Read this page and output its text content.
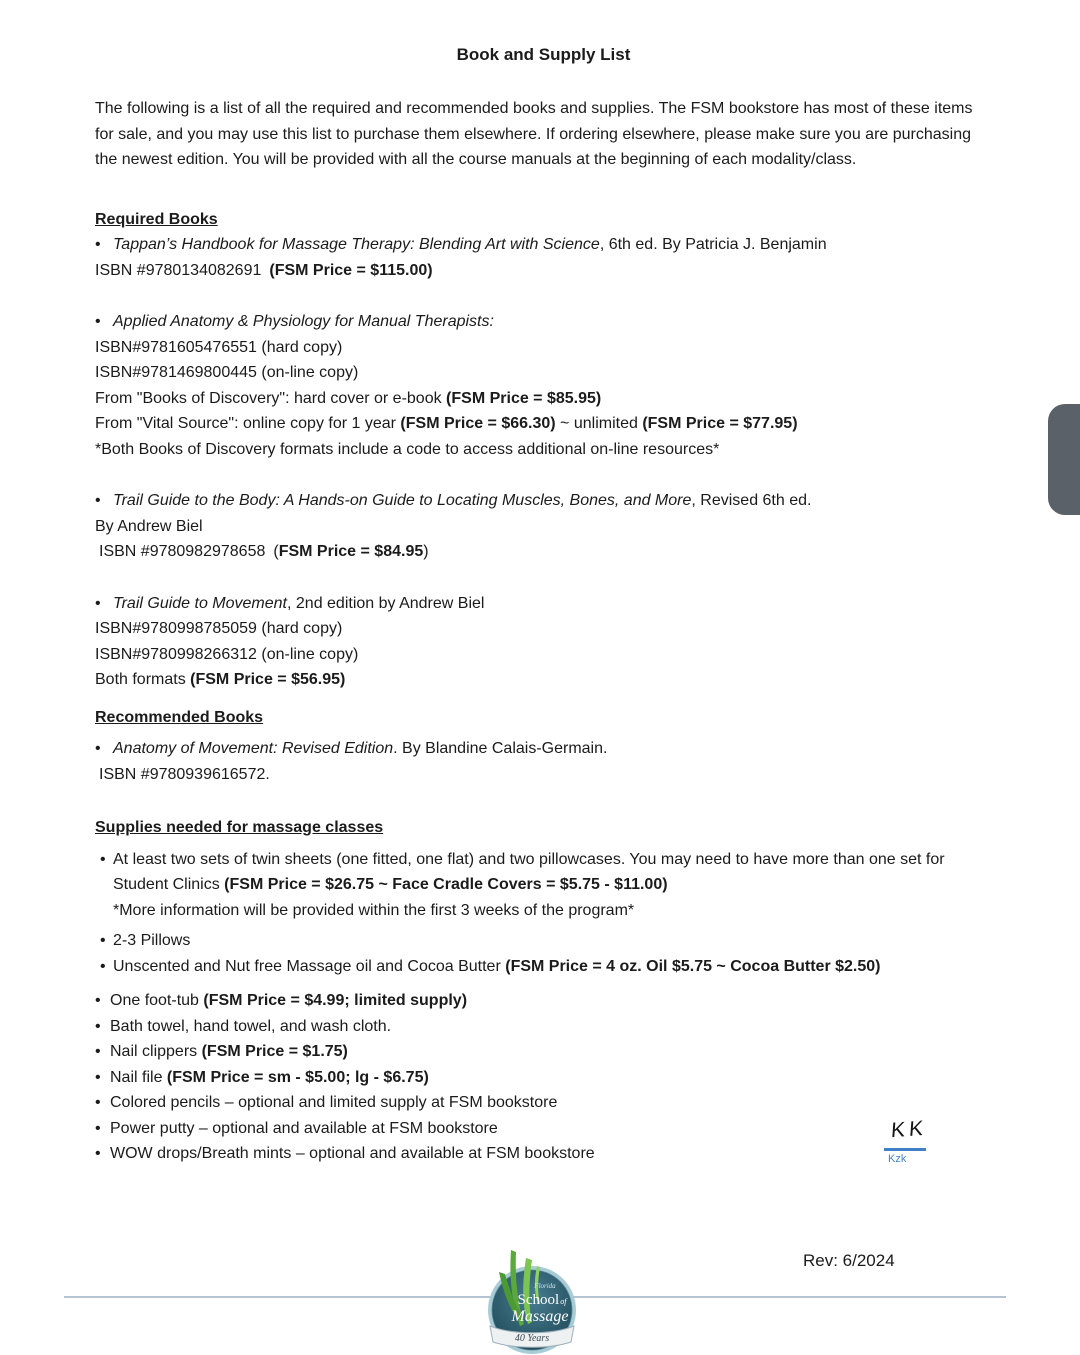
Book and Supply List
The following is a list of all the required and recommended books and supplies. The FSM bookstore has most of these items for sale, and you may use this list to purchase them elsewhere. If ordering elsewhere, please make sure you are purchasing the newest edition. You will be provided with all the course manuals at the beginning of each modality/class.
Required Books
• Tappan’s Handbook for Massage Therapy: Blending Art with Science, 6th ed. By Patricia J. Benjamin
ISBN #9780134082691 (FSM Price = $115.00)
• Applied Anatomy & Physiology for Manual Therapists:
ISBN#9781605476551 (hard copy)
ISBN#9781469800445 (on-line copy)
From "Books of Discovery": hard cover or e-book (FSM Price = $85.95)
From "Vital Source": online copy for 1 year (FSM Price = $66.30) ~ unlimited (FSM Price = $77.95)
*Both Books of Discovery formats include a code to access additional on-line resources*
• Trail Guide to the Body: A Hands-on Guide to Locating Muscles, Bones, and More, Revised 6th ed.
By Andrew Biel
ISBN #9780982978658 (FSM Price = $84.95)
• Trail Guide to Movement, 2nd edition by Andrew Biel
ISBN#9780998785059 (hard copy)
ISBN#9780998266312 (on-line copy)
Both formats (FSM Price = $56.95)
Recommended Books
• Anatomy of Movement: Revised Edition. By Blandine Calais-Germain.
ISBN #9780939616572.
Supplies needed for massage classes
• At least two sets of twin sheets (one fitted, one flat) and two pillowcases. You may need to have more than one set for Student Clinics (FSM Price = $26.75 ~ Face Cradle Covers = $5.75 - $11.00)
*More information will be provided within the first 3 weeks of the program*
• 2-3 Pillows
• Unscented and Nut free Massage oil and Cocoa Butter (FSM Price = 4 oz. Oil $5.75 ~ Cocoa Butter $2.50)
• One foot-tub (FSM Price = $4.99; limited supply)
• Bath towel, hand towel, and wash cloth.
• Nail clippers (FSM Price = $1.75)
• Nail file (FSM Price = sm - $5.00; lg - $6.75)
• Colored pencils – optional and limited supply at FSM bookstore
• Power putty – optional and available at FSM bookstore
• WOW drops/Breath mints – optional and available at FSM bookstore
KK
Kzk
Rev: 6/2024
Florida
Schoolof
Massage
40 Years
